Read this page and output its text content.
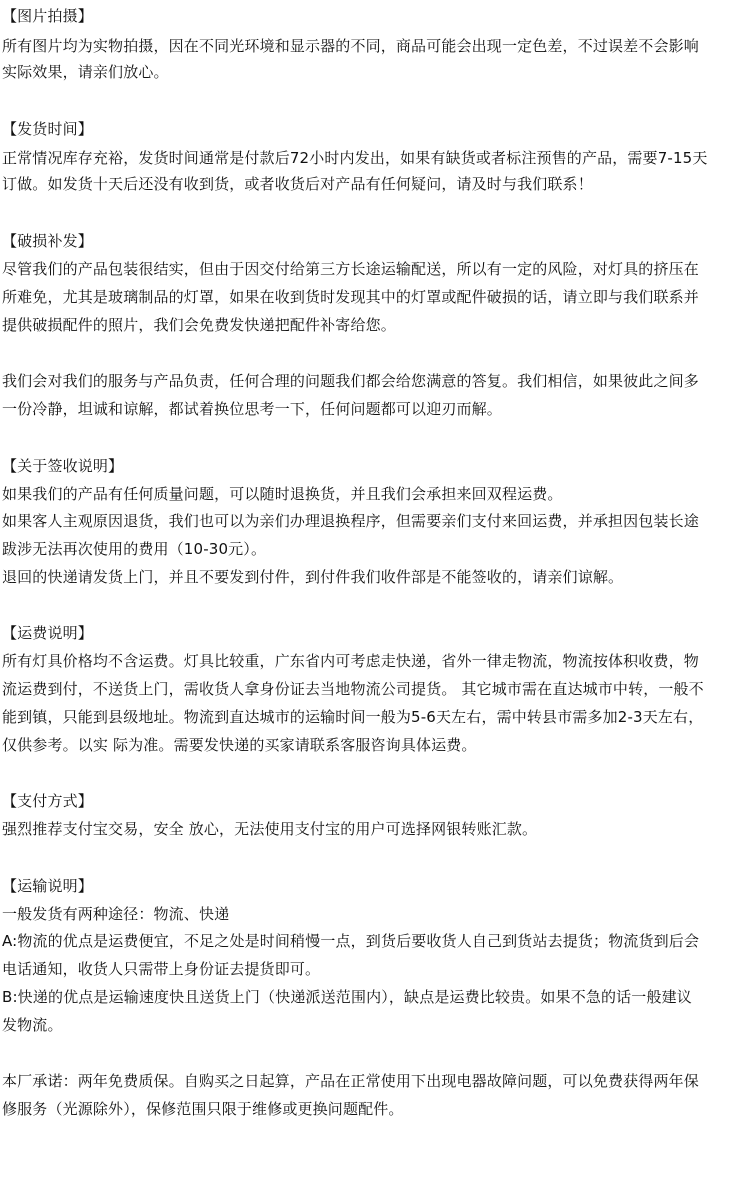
【图片拍摄】
所有图片均为实物拍摄，因在不同光环境和显示器的不同，商品可能会出现一定色差，不过误差不会影响
实际效果，请亲们放心。
【发货时间】
正常情况库存充裕，发货时间通常是付款后72小时内发出，如果有缺货或者标注预售的产品，需要7-15天
订做。如发货十天后还没有收到货，或者收货后对产品有任何疑问，请及时与我们联系！
【破损补发】
尽管我们的产品包装很结实，但由于因交付给第三方长途运输配送，所以有一定的风险，对灯具的挤压在
所难免，尤其是玻璃制品的灯罩，如果在收到货时发现其中的灯罩或配件破损的话，请立即与我们联系并
提供破损配件的照片，我们会免费发快递把配件补寄给您。
我们会对我们的服务与产品负责，任何合理的问题我们都会给您满意的答复。我们相信，如果彼此之间多
一份冷静，坦诚和谅解，都试着换位思考一下，任何问题都可以迎刃而解。
【关于签收说明】
如果我们的产品有任何质量问题，可以随时退换货，并且我们会承担来回双程运费。
如果客人主观原因退货，我们也可以为亲们办理退换程序，但需要亲们支付来回运费，并承担因包装长途
跋涉无法再次使用的费用（10-30元）。
退回的快递请发货上门，并且不要发到付件，到付件我们收件部是不能签收的，请亲们谅解。
【运费说明】
所有灯具价格均不含运费。灯具比较重，广东省内可考虑走快递，省外一律走物流，物流按体积收费，物
流运费到付，不送货上门，需收货人拿身份证去当地物流公司提货。 其它城市需在直达城市中转，一般不
能到镇，只能到县级地址。物流到直达城市的运输时间一般为5-6天左右，需中转县市需多加2-3天左右，
仅供参考。以实 际为准。需要发快递的买家请联系客服咨询具体运费。
【支付方式】
强烈推荐支付宝交易，安全 放心，无法使用支付宝的用户可选择网银转账汇款。
【运输说明】
一般发货有两种途径：物流、快递
A:物流的优点是运费便宜，不足之处是时间稍慢一点，到货后要收货人自己到货站去提货；物流货到后会
电话通知，收货人只需带上身份证去提货即可。
B:快递的优点是运输速度快且送货上门（快递派送范围内），缺点是运费比较贵。如果不急的话一般建议
发物流。
本厂承诺：两年免费质保。自购买之日起算，产品在正常使用下出现电器故障问题，可以免费获得两年保
修服务（光源除外），保修范围只限于维修或更换问题配件。
